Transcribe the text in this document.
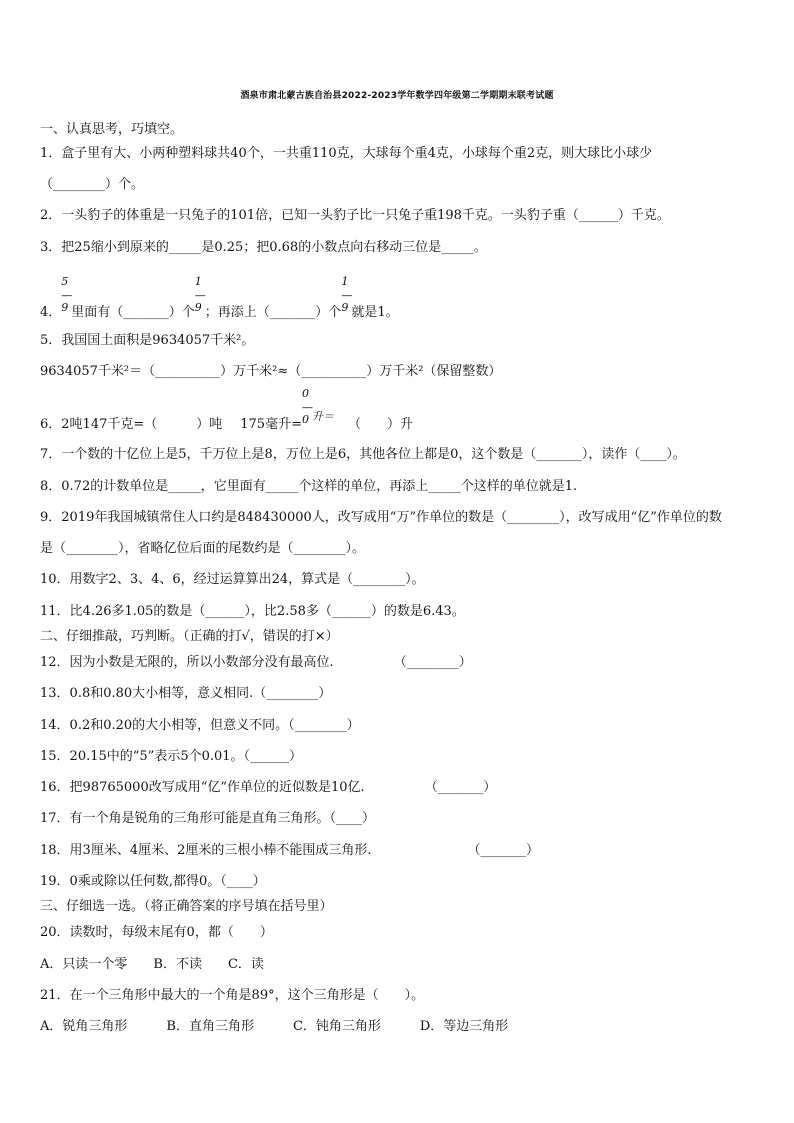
酒泉市肃北蒙古族自治县2022-2023学年数学四年级第二学期期末联考试题
一、认真思考，巧填空。
1．盒子里有大、小两种塑料球共40个，一共重110克，大球每个重4克，小球每个重2克，则大球比小球少
（________）个。
2．一头豹子的体重是一只兔子的101倍，已知一头豹子比一只兔子重198千克。一头豹子重（______）千克。
3．把25缩小到原来的_____是0.25；把0.68的小数点向右移动三位是_____。
4．
5
—
9 里面有（_______）个
1
—
9 ；再添上（_______）个
1
—
9 就是1。
5．我国国土面积是9634057千米²。
9634057千米²＝（__________）万千米²≈（__________）万千米²（保留整数）
6．2吨147千克=（　　　）吨 175毫升=
0
—
0 $^{升=}$（　　）升
7．一个数的十亿位上是5，千万位上是8，万位上是6，其他各位上都是0，这个数是（_______），读作（____）。
8．0.72的计数单位是_____，它里面有_____个这样的单位，再添上_____个这样的单位就是1.
9．2019年我国城镇常住人口约是848430000人，改写成用“万”作单位的数是（________），改写成用“亿”作单位的数
是（________），省略亿位后面的尾数约是（________）。
10．用数字2、3、4、6，经过运算算出24，算式是（________）。
11．比4.26多1.05的数是（______），比2.58多（______）的数是6.43。
二、仔细推敲，巧判断。（正确的打√，错误的打×）
12．因为小数是无限的，所以小数部分没有最高位.	（________）
13．0.8和0.80大小相等，意义相同.（________）
14．0.2和0.20的大小相等，但意义不同。（________）
15．20.15中的“5”表示5个0.01。（______）
16．把98765000改写成用“亿”作单位的近似数是10亿.	（_______）
17．有一个角是锐角的三角形可能是直角三角形。（____）
18．用3厘米、4厘米、2厘米的三根小棒不能围成三角形.	（_______）
19．0乘或除以任何数,都得0。（____）
三、仔细选一选。（将正确答案的序号填在括号里）
20．读数时，每级末尾有0，都（　　）
A．只读一个零　　B．不读　　C．读
21．在一个三角形中最大的一个角是89°，这个三角形是（　　）。
A．锐角三角形　　　B．直角三角形　　　C．钝角三角形　　　D．等边三角形
